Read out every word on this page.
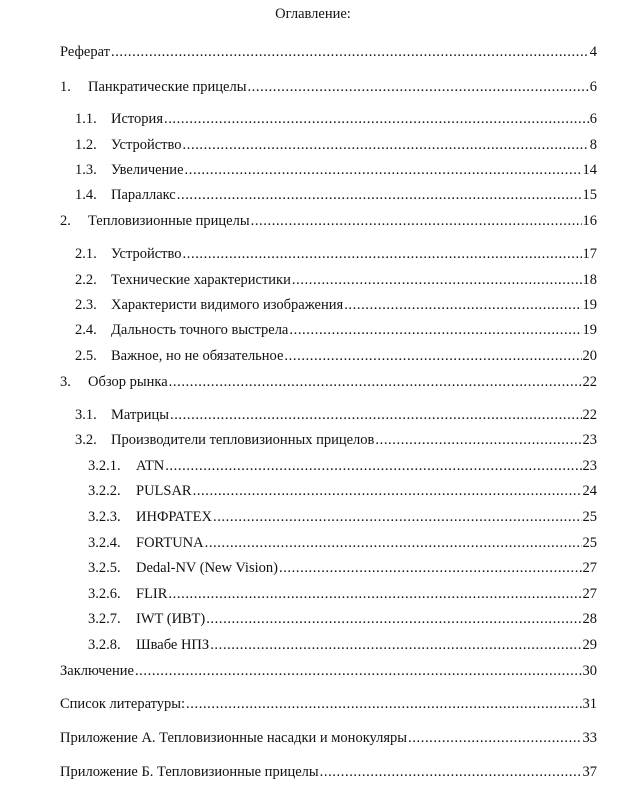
Оглавление:
Реферат .....	4
1. Панкратические прицелы .....	6
1.1. История .....	6
1.2. Устройство .....	8
1.3. Увеличение .....	14
1.4. Параллакс .....	15
2. Тепловизионные прицелы .....	16
2.1. Устройство .....	17
2.2. Технические характеристики .....	18
2.3. Характеристи видимого изображения .....	19
2.4. Дальность точного выстрела .....	19
2.5. Важное, но не обязательное .....	20
3. Обзор рынка .....	22
3.1. Матрицы .....	22
3.2. Производители тепловизионных прицелов .....	23
3.2.1. ATN .....	23
3.2.2. PULSAR .....	24
3.2.3. ИНФРАТЕХ .....	25
3.2.4. FORTUNA .....	25
3.2.5. Dedal-NV (New Vision) .....	27
3.2.6. FLIR .....	27
3.2.7. IWT (ИВТ) .....	28
3.2.8. Швабе НПЗ .....	29
Заключение .....	30
Список литературы: .....	31
Приложение А. Тепловизионные насадки и монокуляры .....	33
Приложение Б. Тепловизионные прицелы .....	37
